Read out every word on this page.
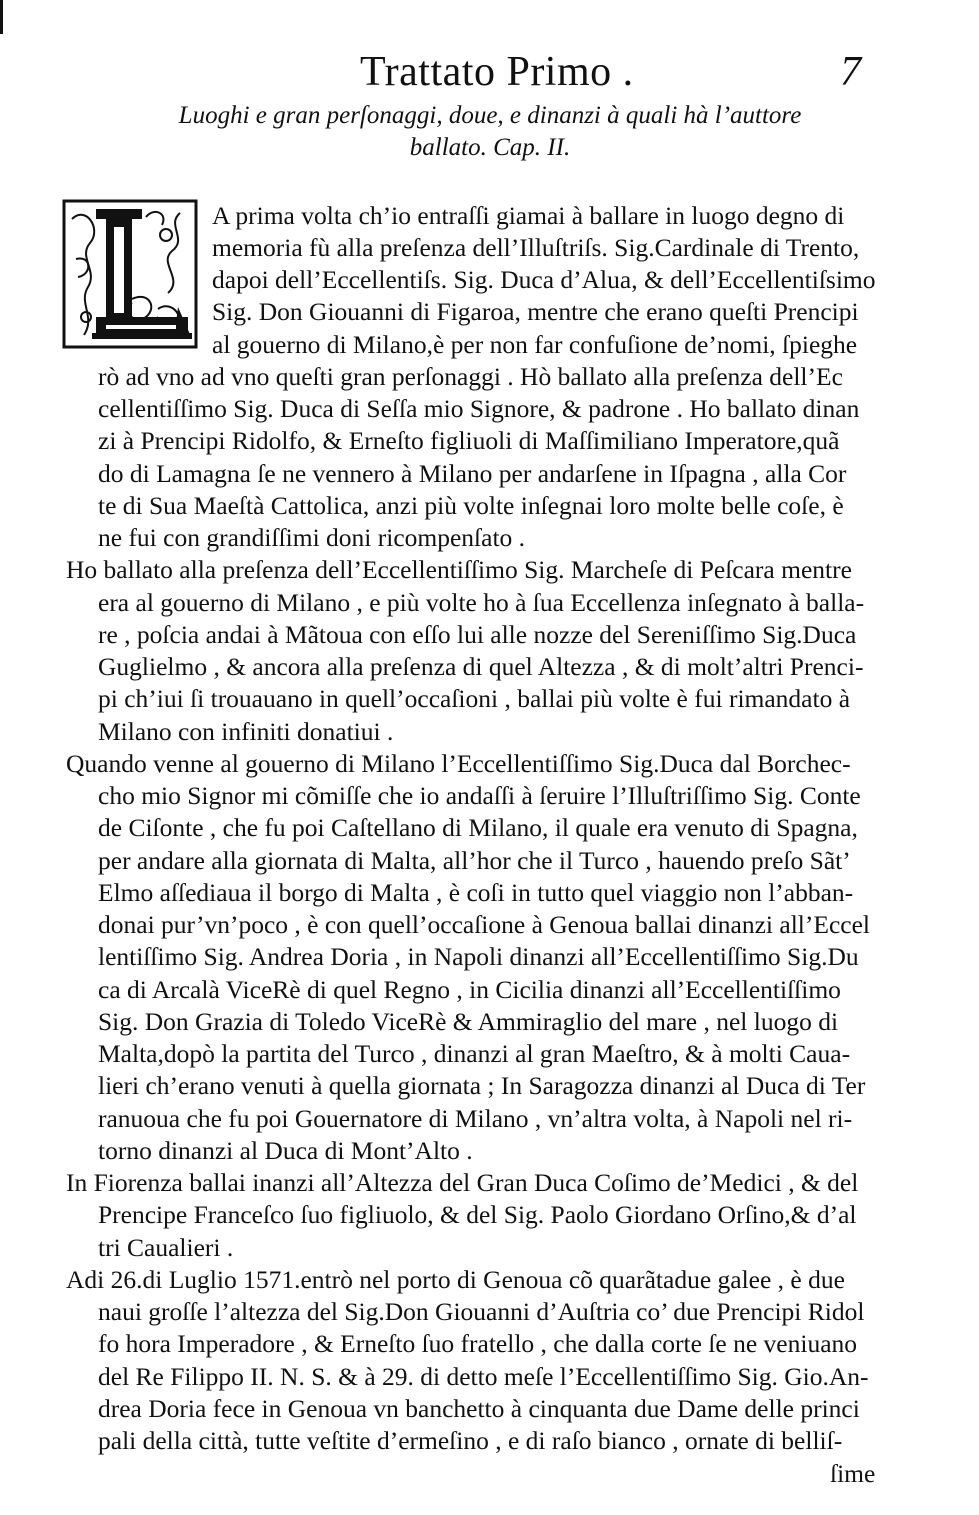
Trattato Primo .	7
Luoghi e gran perſonaggi, doue, e dinanzi à quali hà l’auttore
ballato. Cap. II.
A prima volta ch’io entraſſi giamai à ballare in luogo degno di
memoria fù alla preſenza dell’Illuſtriſs. Sig.Cardinale di Trento,
dapoi dell’Eccellentiſs. Sig. Duca d’Alua, & dell’Eccellentiſsimo
Sig. Don Giouanni di Figaroa, mentre che erano queſti Prencipi
al gouerno di Milano,è per non far confuſione de’nomi, ſpieghe
rò ad vno ad vno queſti gran perſonaggi . Hò ballato alla preſenza dell’Ec
cellentiſſimo Sig. Duca di Seſſa mio Signore, & padrone . Ho ballato dinan
zi à Prencipi Ridolfo, & Erneſto figliuoli di Maſſimiliano Imperatore,quã
do di Lamagna ſe ne vennero à Milano per andarſene in Iſpagna , alla Cor
te di Sua Maeſtà Cattolica, anzi più volte inſegnai loro molte belle coſe, è
ne fui con grandiſſimi doni ricompenſato .
Ho ballato alla preſenza dell’Eccellentiſſimo Sig. Marcheſe di Peſcara mentre
era al gouerno di Milano , e più volte ho à ſua Eccellenza inſegnato à balla-
re , poſcia andai à Mãtoua con eſſo lui alle nozze del Sereniſſimo Sig.Duca
Guglielmo , & ancora alla preſenza di quel Altezza , & di molt’altri Prenci-
pi ch’iui ſi trouauano in quell’occaſioni , ballai più volte è fui rimandato à
Milano con infiniti donatiui .
Quando venne al gouerno di Milano l’Eccellentiſſimo Sig.Duca dal Borchec-
cho mio Signor mi cõmiſſe che io andaſſi à ſeruire l’Illuſtriſſimo Sig. Conte
de Ciſonte , che fu poi Caſtellano di Milano, il quale era venuto di Spagna,
per andare alla giornata di Malta, all’hor che il Turco , hauendo preſo Sãt’
Elmo aſſediaua il borgo di Malta , è coſi in tutto quel viaggio non l’abban-
donai pur’vn’poco , è con quell’occaſione à Genoua ballai dinanzi all’Eccel
lentiſſimo Sig. Andrea Doria , in Napoli dinanzi all’Eccellentiſſimo Sig.Du
ca di Arcalà ViceRè di quel Regno , in Cicilia dinanzi all’Eccellentiſſimo
Sig. Don Grazia di Toledo ViceRè & Ammiraglio del mare , nel luogo di
Malta,dopò la partita del Turco , dinanzi al gran Maeſtro, & à molti Caua-
lieri ch’erano venuti à quella giornata ; In Saragozza dinanzi al Duca di Ter
ranuoua che fu poi Gouernatore di Milano , vn’altra volta, à Napoli nel ri-
torno dinanzi al Duca di Mont’Alto .
In Fiorenza ballai inanzi all’Altezza del Gran Duca Coſimo de’Medici , & del
Prencipe Franceſco ſuo figliuolo, & del Sig. Paolo Giordano Orſino,& d’al
tri Caualieri .
Adi 26.di Luglio 1571.entrò nel porto di Genoua cõ quarãtadue galee , è due
naui groſſe l’altezza del Sig.Don Giouanni d’Auſtria co’ due Prencipi Ridol
fo hora Imperadore , & Erneſto ſuo fratello , che dalla corte ſe ne veniuano
del Re Filippo II. N. S. & à 29. di detto meſe l’Eccellentiſſimo Sig. Gio.An-
drea Doria fece in Genoua vn banchetto à cinquanta due Dame delle princi
pali della città, tutte veſtite d’ermeſino , e di raſo bianco , ornate di belliſ-
ſime
